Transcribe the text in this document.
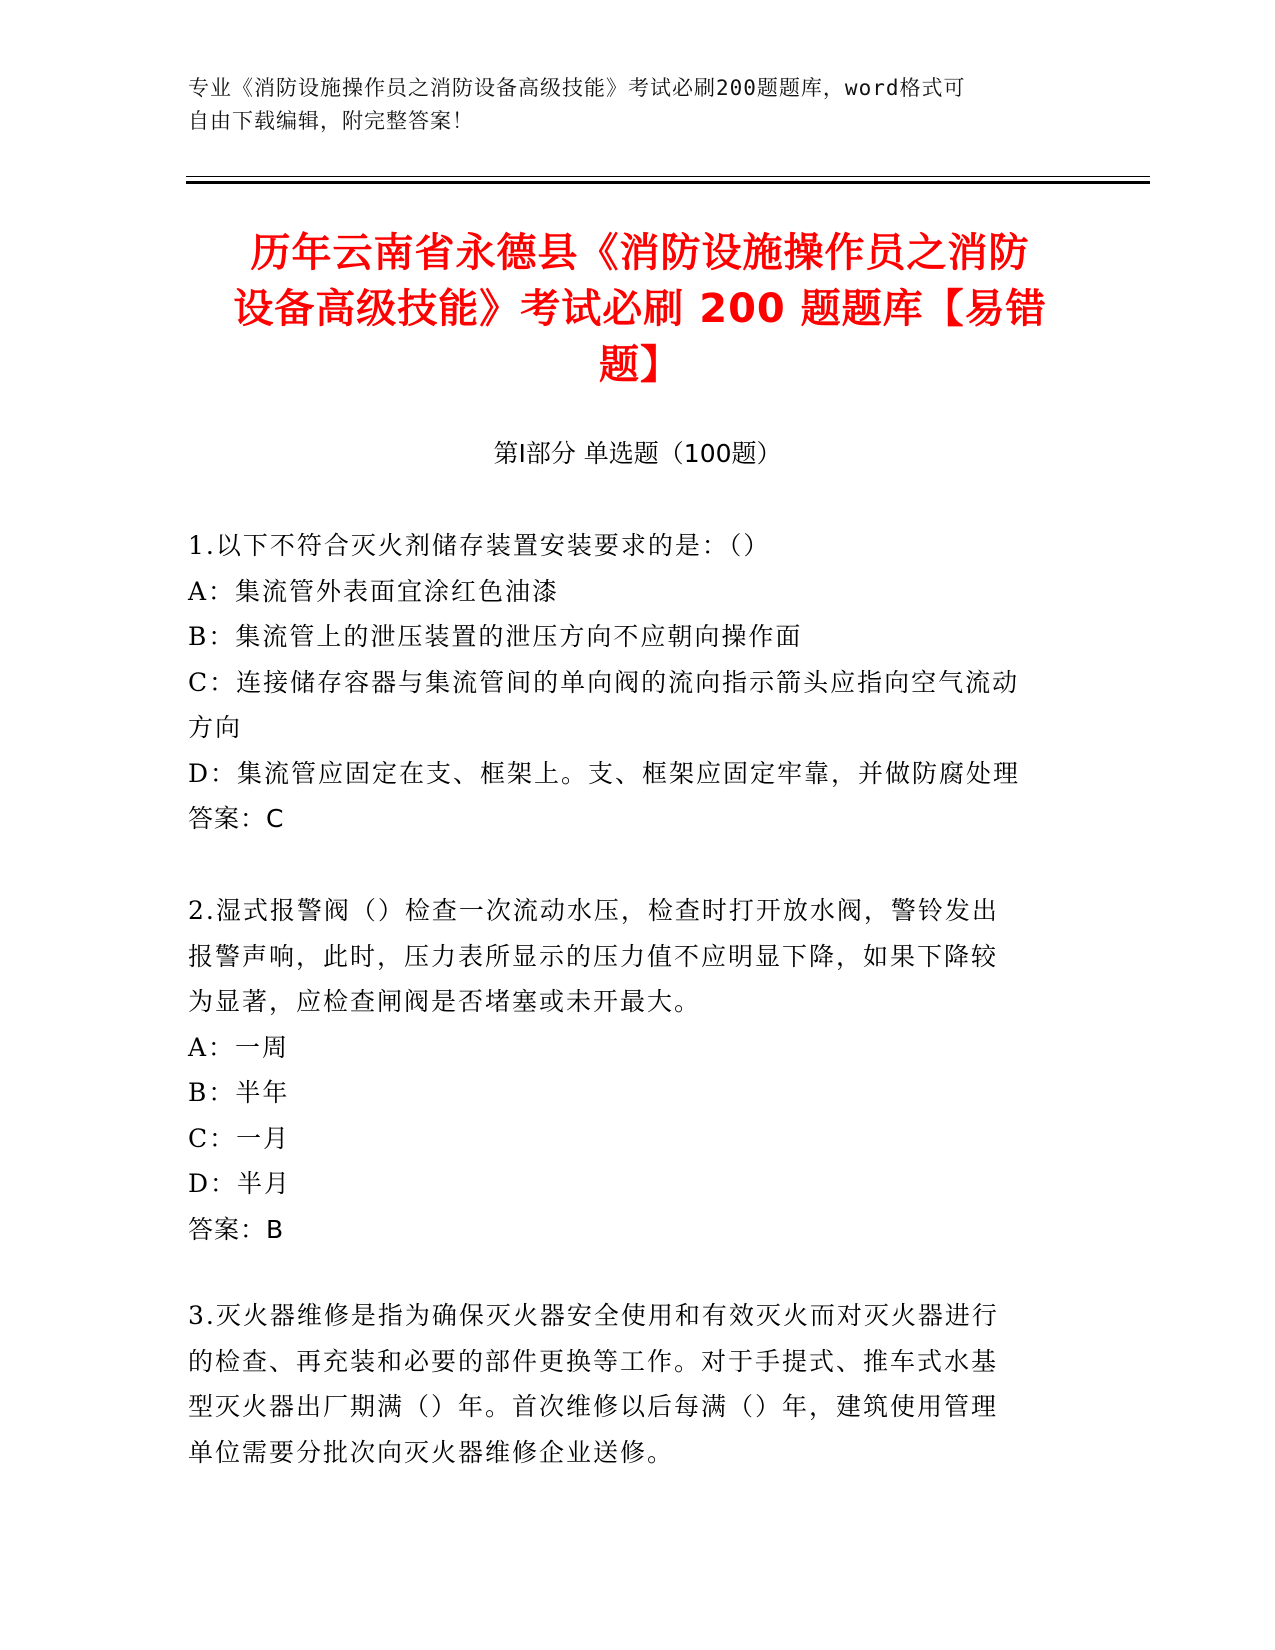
专业《消防设施操作员之消防设备高级技能》考试必刷200题题库，word格式可
自由下载编辑，附完整答案！
历年云南省永德县《消防设施操作员之消防
设备高级技能》考试必刷 200 题题库【易错
题】
第Ⅰ部分 单选题（100题）
1.以下不符合灭火剂储存装置安装要求的是：（）
A：集流管外表面宜涂红色油漆
B：集流管上的泄压装置的泄压方向不应朝向操作面
C：连接储存容器与集流管间的单向阀的流向指示箭头应指向空气流动
方向
D：集流管应固定在支、框架上。支、框架应固定牢靠，并做防腐处理
答案：C
2.湿式报警阀（）检查一次流动水压，检查时打开放水阀，警铃发出
报警声响，此时，压力表所显示的压力值不应明显下降，如果下降较
为显著，应检查闸阀是否堵塞或未开最大。
A：一周
B：半年
C：一月
D：半月
答案：B
3.灭火器维修是指为确保灭火器安全使用和有效灭火而对灭火器进行
的检查、再充装和必要的部件更换等工作。对于手提式、推车式水基
型灭火器出厂期满（）年。首次维修以后每满（）年，建筑使用管理
单位需要分批次向灭火器维修企业送修。
